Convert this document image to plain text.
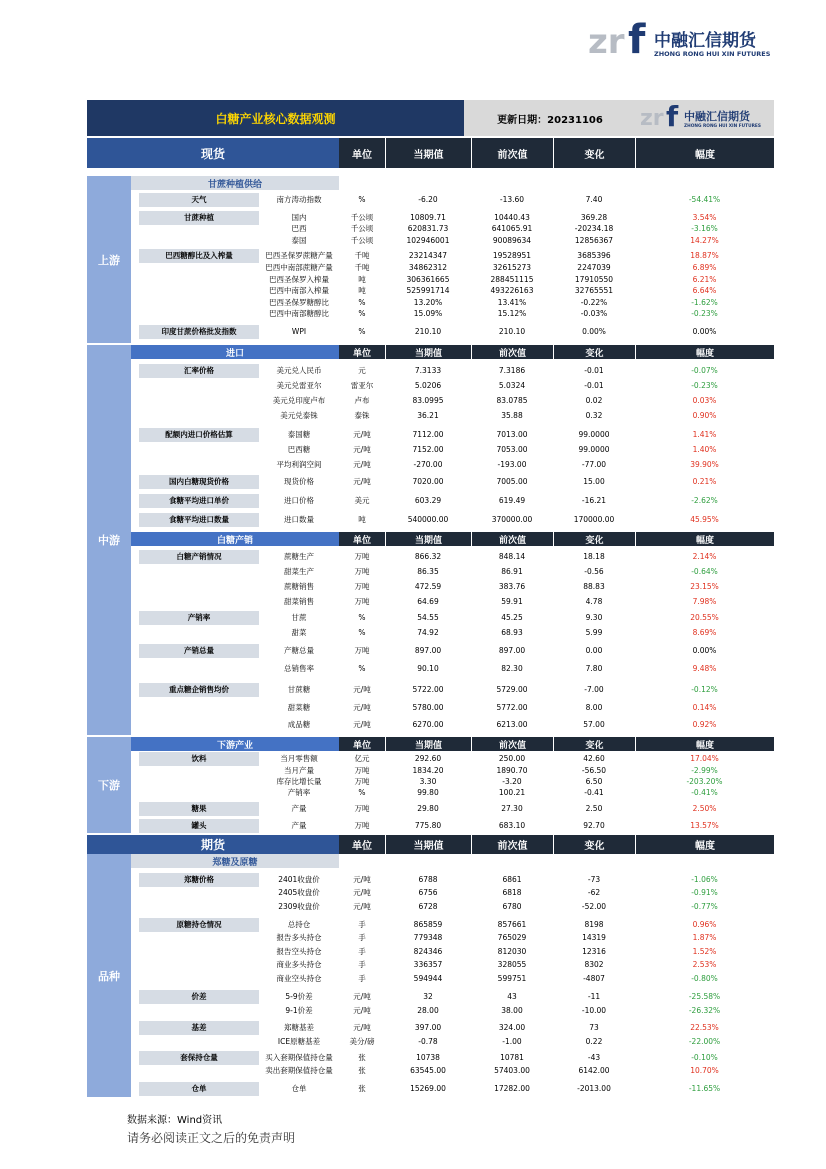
zr f 中融汇信期货
ZHONG RONG HUI XIN FUTURES
白糖产业核心数据观测	更新日期：20231106	zr f 中融汇信期货
ZHONG RONG HUI XIN FUTURES
现货	单位	当期值	前次值	变化	幅度
上游
中游
下游
品种
甘蔗种植供给
进口	单位	当期值	前次值	变化	幅度
白糖产销	单位	当期值	前次值	变化	幅度
下游产业	单位	当期值	前次值	变化	幅度
期货	单位	当期值	前次值	变化	幅度
郑糖及原糖
天气	南方涛动指数	%	-6.20	-13.60	7.40	-54.41%
甘蔗种植	国内	千公顷	10809.71	10440.43	369.28	3.54%
巴西	千公顷	620831.73	641065.91	-20234.18	-3.16%
泰国	千公顷	102946001	90089634	12856367	14.27%
巴西糖醇比及入榨量	巴西圣保罗蔗糖产量	千吨	23214347	19528951	3685396	18.87%
巴西中南部蔗糖产量	千吨	34862312	32615273	2247039	6.89%
巴西圣保罗入榨量	吨	306361665	288451115	17910550	6.21%
巴西中南部入榨量	吨	525991714	493226163	32765551	6.64%
巴西圣保罗糖醇比	%	13.20%	13.41%	-0.22%	-1.62%
巴西中南部糖醇比	%	15.09%	15.12%	-0.03%	-0.23%
印度甘蔗价格批发指数	WPI	%	210.10	210.10	0.00%	0.00%
汇率价格	美元兑人民币	元	7.3133	7.3186	-0.01	-0.07%
美元兑雷亚尔	雷亚尔	5.0206	5.0324	-0.01	-0.23%
美元兑印度卢布	卢布	83.0995	83.0785	0.02	0.03%
美元兑泰铢	泰铢	36.21	35.88	0.32	0.90%
配额内进口价格估算	泰国糖	元/吨	7112.00	7013.00	99.0000	1.41%
巴西糖	元/吨	7152.00	7053.00	99.0000	1.40%
平均利润空间	元/吨	-270.00	-193.00	-77.00	39.90%
国内白糖现货价格	现货价格	元/吨	7020.00	7005.00	15.00	0.21%
食糖平均进口单价	进口价格	美元	603.29	619.49	-16.21	-2.62%
食糖平均进口数量	进口数量	吨	540000.00	370000.00	170000.00	45.95%
白糖产销情况	蔗糖生产	万吨	866.32	848.14	18.18	2.14%
甜菜生产	万吨	86.35	86.91	-0.56	-0.64%
蔗糖销售	万吨	472.59	383.76	88.83	23.15%
甜菜销售	万吨	64.69	59.91	4.78	7.98%
产销率	甘蔗	%	54.55	45.25	9.30	20.55%
甜菜	%	74.92	68.93	5.99	8.69%
产销总量	产糖总量	万吨	897.00	897.00	0.00	0.00%
总销售率	%	90.10	82.30	7.80	9.48%
重点糖企销售均价	甘蔗糖	元/吨	5722.00	5729.00	-7.00	-0.12%
甜菜糖	元/吨	5780.00	5772.00	8.00	0.14%
成品糖	元/吨	6270.00	6213.00	57.00	0.92%
饮料	当月零售额	亿元	292.60	250.00	42.60	17.04%
当月产量	万吨	1834.20	1890.70	-56.50	-2.99%
库存比增长量	万吨	3.30	-3.20	6.50	-203.20%
产销率	%	99.80	100.21	-0.41	-0.41%
糖果	产量	万吨	29.80	27.30	2.50	2.50%
罐头	产量	万吨	775.80	683.10	92.70	13.57%
郑糖价格	2401收盘价	元/吨	6788	6861	-73	-1.06%
2405收盘价	元/吨	6756	6818	-62	-0.91%
2309收盘价	元/吨	6728	6780	-52.00	-0.77%
原糖持仓情况	总持仓	手	865859	857661	8198	0.96%
报告多头持仓	手	779348	765029	14319	1.87%
报告空头持仓	手	824346	812030	12316	1.52%
商业多头持仓	手	336357	328055	8302	2.53%
商业空头持仓	手	594944	599751	-4807	-0.80%
价差	5-9价差	元/吨	32	43	-11	-25.58%
9-1价差	元/吨	28.00	38.00	-10.00	-26.32%
基差	郑糖基差	元/吨	397.00	324.00	73	22.53%
ICE原糖基差	美分/磅	-0.78	-1.00	0.22	-22.00%
套保持仓量	买入套期保值持仓量	张	10738	10781	-43	-0.10%
卖出套期保值持仓量	张	63545.00	57403.00	6142.00	10.70%
仓单	仓单	张	15269.00	17282.00	-2013.00	-11.65%
数据来源：Wind资讯
请务必阅读正文之后的免责声明
